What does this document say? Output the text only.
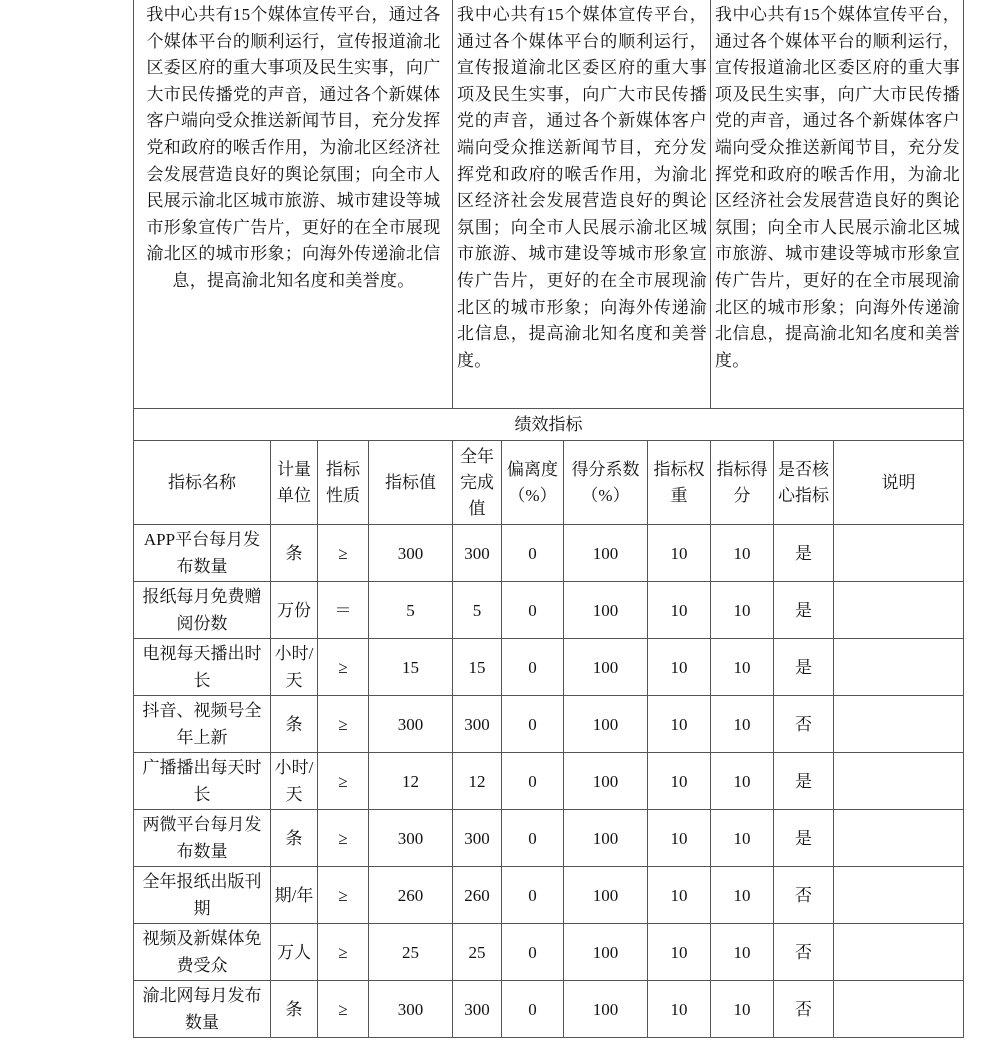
我中心共有15个媒体宣传平台，通过各个媒体平台的顺利运行，宣传报道渝北区委区府的重大事项及民生实事，向广大市民传播党的声音，通过各个新媒体客户端向受众推送新闻节目，充分发挥党和政府的喉舌作用，为渝北区经济社会发展营造良好的舆论氛围；向全市人民展示渝北区城市旅游、城市建设等城市形象宣传广告片，更好的在全市展现渝北区的城市形象；向海外传递渝北信息，提高渝北知名度和美誉度。				我中心共有15个媒体宣传平台，通过各个媒体平台的顺利运行，宣传报道渝北区委区府的重大事项及民生实事，向广大市民传播党的声音，通过各个新媒体客户端向受众推送新闻节目，充分发挥党和政府的喉舌作用，为渝北区经济社会发展营造良好的舆论氛围；向全市人民展示渝北区城市旅游、城市建设等城市形象宣传广告片，更好的在全市展现渝北区的城市形象；向海外传递渝北信息，提高渝北知名度和美誉度。				我中心共有15个媒体宣传平台，通过各个媒体平台的顺利运行，宣传报道渝北区委区府的重大事项及民生实事，向广大市民传播党的声音，通过各个新媒体客户端向受众推送新闻节目，充分发挥党和政府的喉舌作用，为渝北区经济社会发展营造良好的舆论氛围；向全市人民展示渝北区城市旅游、城市建设等城市形象宣传广告片，更好的在全市展现渝北区的城市形象；向海外传递渝北信息，提高渝北知名度和美誉度。		
绩效指标										
指标名称	计量单位	指标性质	指标值	全年完成值	偏离度（%）	得分系数（%）	指标权重	指标得分	是否核心指标	说明
APP平台每月发布数量	条	≥	300	300	0	100	10	10	是	
报纸每月免费赠阅份数	万份	＝	5	5	0	100	10	10	是	
电视每天播出时长	小时/天	≥	15	15	0	100	10	10	是	
抖音、视频号全年上新	条	≥	300	300	0	100	10	10	否	
广播播出每天时长	小时/天	≥	12	12	0	100	10	10	是	
两微平台每月发布数量	条	≥	300	300	0	100	10	10	是	
全年报纸出版刊期	期/年	≥	260	260	0	100	10	10	否	
视频及新媒体免费受众	万人	≥	25	25	0	100	10	10	否	
渝北网每月发布数量	条	≥	300	300	0	100	10	10	否	
